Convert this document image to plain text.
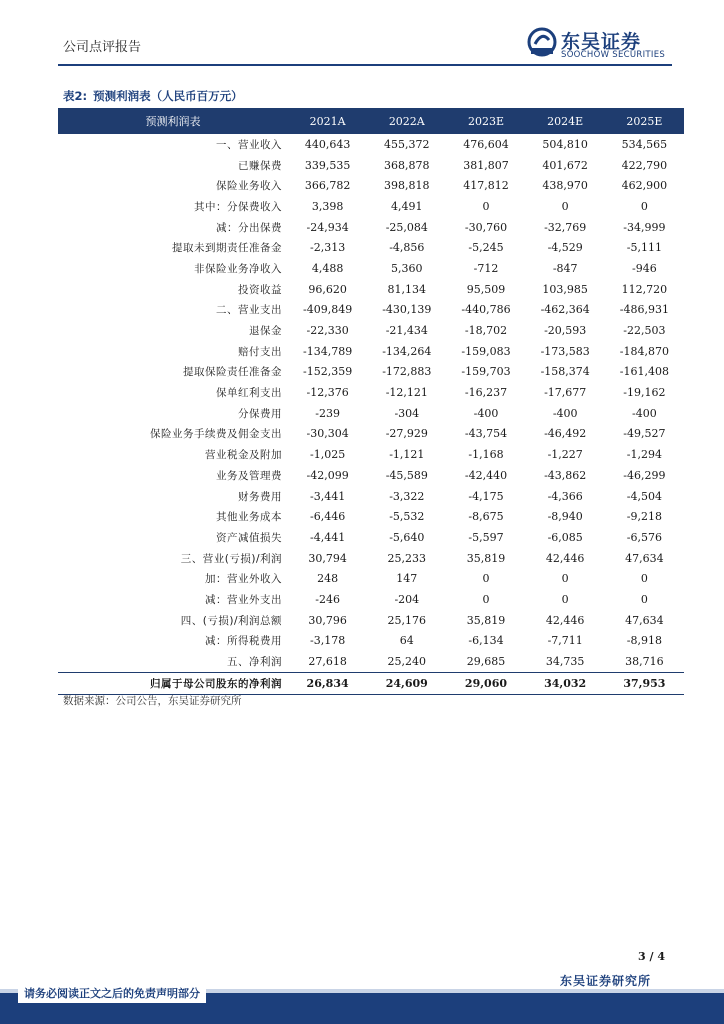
公司点评报告	东吴证券
SOOCHOW SECURITIES
表2: 预测利润表（人民币百万元）
预测利润表	2021A	2022A	2023E	2024E	2025E
一、营业收入	440,643	455,372	476,604	504,810	534,565
已赚保费	339,535	368,878	381,807	401,672	422,790
保险业务收入	366,782	398,818	417,812	438,970	462,900
其中：分保费收入	3,398	4,491	0	0	0
减：分出保费	-24,934	-25,084	-30,760	-32,769	-34,999
提取未到期责任准备金	-2,313	-4,856	-5,245	-4,529	-5,111
非保险业务净收入	4,488	5,360	-712	-847	-946
投资收益	96,620	81,134	95,509	103,985	112,720
二、营业支出	-409,849	-430,139	-440,786	-462,364	-486,931
退保金	-22,330	-21,434	-18,702	-20,593	-22,503
赔付支出	-134,789	-134,264	-159,083	-173,583	-184,870
提取保险责任准备金	-152,359	-172,883	-159,703	-158,374	-161,408
保单红利支出	-12,376	-12,121	-16,237	-17,677	-19,162
分保费用	-239	-304	-400	-400	-400
保险业务手续费及佣金支出	-30,304	-27,929	-43,754	-46,492	-49,527
营业税金及附加	-1,025	-1,121	-1,168	-1,227	-1,294
业务及管理费	-42,099	-45,589	-42,440	-43,862	-46,299
财务费用	-3,441	-3,322	-4,175	-4,366	-4,504
其他业务成本	-6,446	-5,532	-8,675	-8,940	-9,218
资产减值损失	-4,441	-5,640	-5,597	-6,085	-6,576
三、营业(亏损)/利润	30,794	25,233	35,819	42,446	47,634
加：营业外收入	248	147	0	0	0
减：营业外支出	-246	-204	0	0	0
四、(亏损)/利润总额	30,796	25,176	35,819	42,446	47,634
减：所得税费用	-3,178	64	-6,134	-7,711	-8,918
五、净利润	27,618	25,240	29,685	34,735	38,716
归属于母公司股东的净利润	26,834	24,609	29,060	34,032	37,953
数据来源：公司公告，东吴证券研究所
3 / 4
东吴证券研究所
请务必阅读正文之后的免责声明部分
